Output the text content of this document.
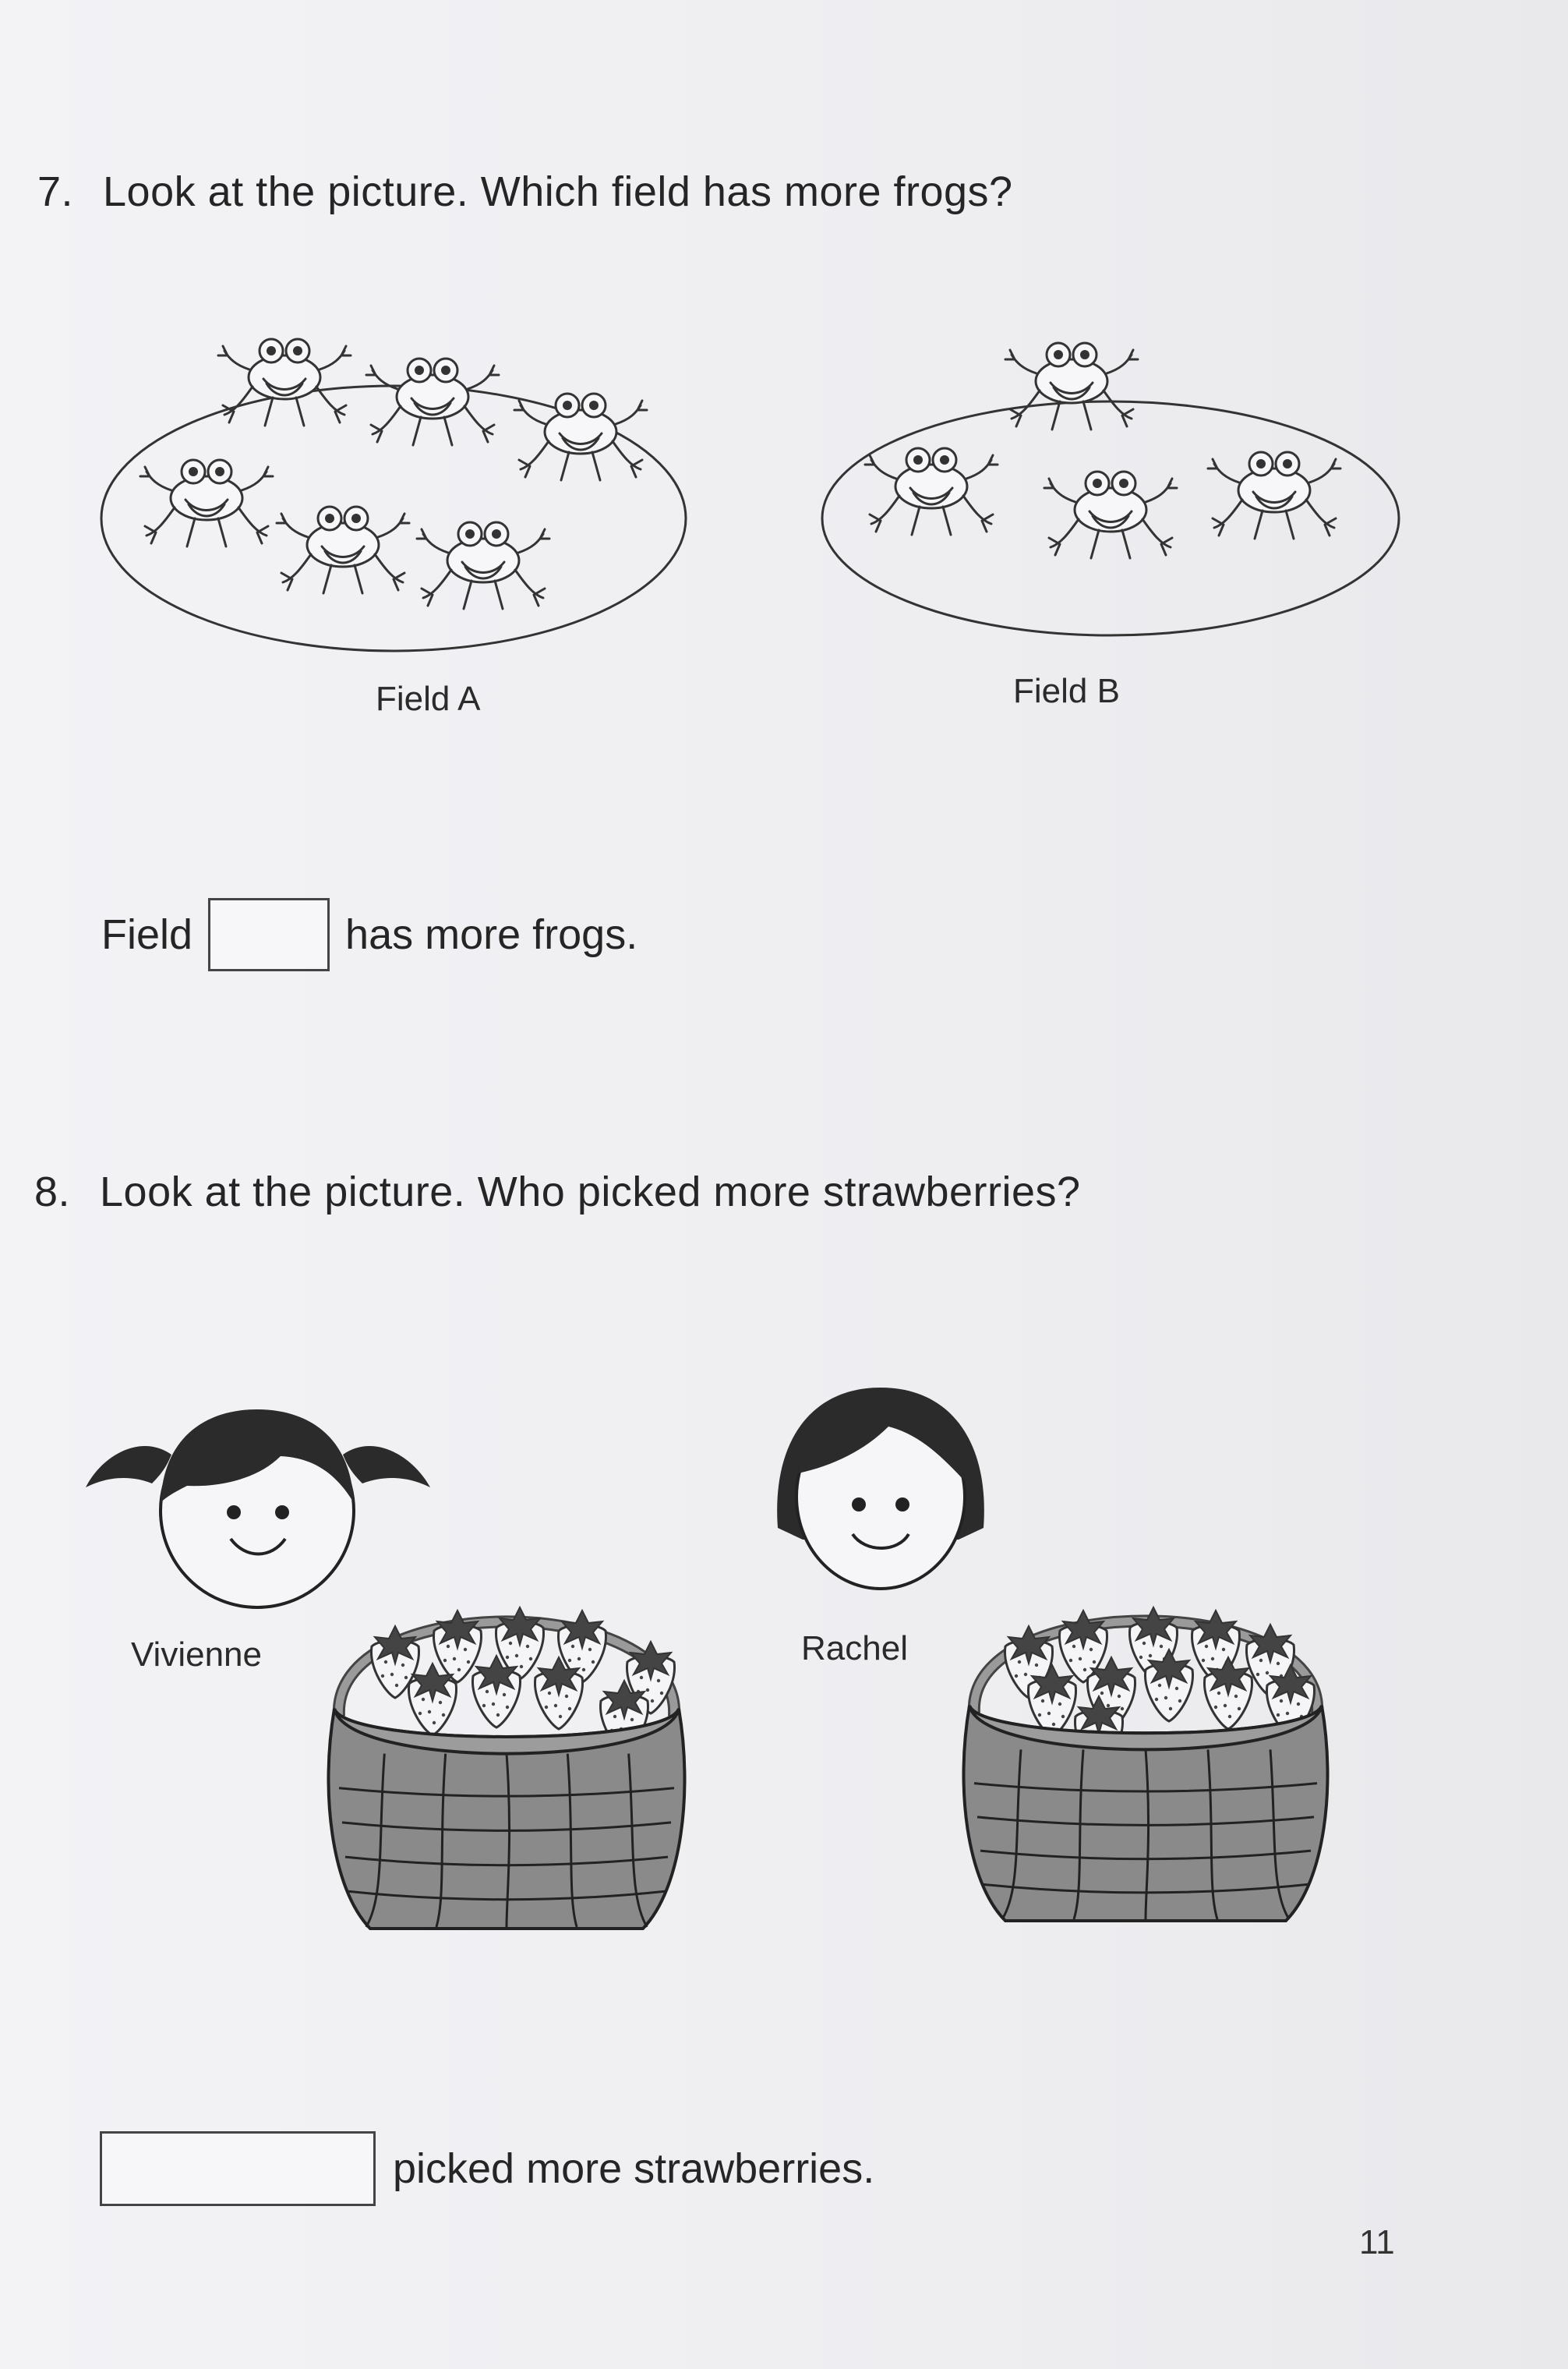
7. Look at the picture. Which field has more frogs?
Field A	Field B
Field	has more frogs.
8. Look at the picture. Who picked more strawberries?
Vivienne	Rachel
picked more strawberries.
11
